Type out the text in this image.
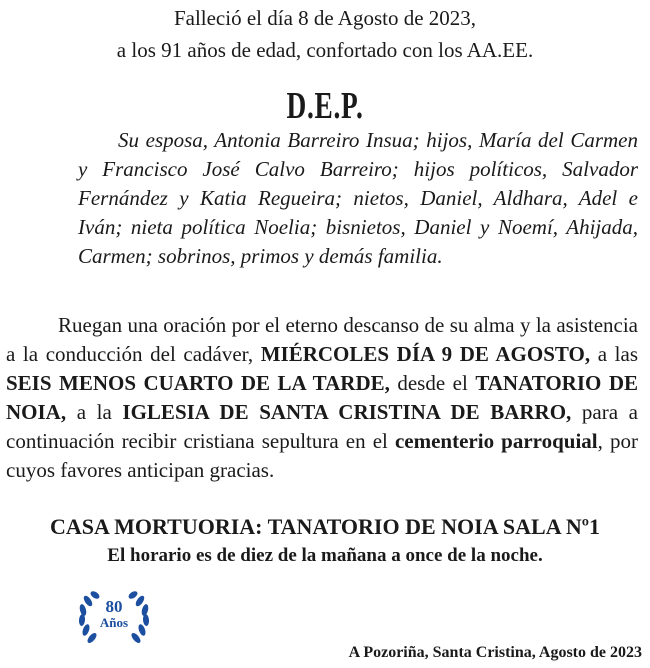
Falleció el día 8 de Agosto de 2023,
a los 91 años de edad, confortado con los AA.EE.
D.E.P.
Su esposa, Antonia Barreiro Insua; hijos, María del Carmen y Francisco José Calvo Barreiro; hijos políticos, Salvador Fernández y Katia Regueira; nietos, Daniel, Aldhara, Adel e Iván; nieta política Noelia; bisnietos, Daniel y Noemí, Ahijada, Carmen; sobrinos, primos y demás familia.
Ruegan una oración por el eterno descanso de su alma y la asistencia a la conducción del cadáver, MIÉRCOLES DÍA 9 DE AGOSTO, a las SEIS MENOS CUARTO DE LA TARDE, desde el TANATORIO DE NOIA, a la IGLESIA DE SANTA CRISTINA DE BARRO, para a continuación recibir cristiana sepultura en el cementerio parroquial, por cuyos favores anticipan gracias.
CASA MORTUORIA: TANATORIO DE NOIA SALA Nº1
El horario es de diez de la mañana a once de la noche.
80
Años
A Pozoriña, Santa Cristina, Agosto de 2023
